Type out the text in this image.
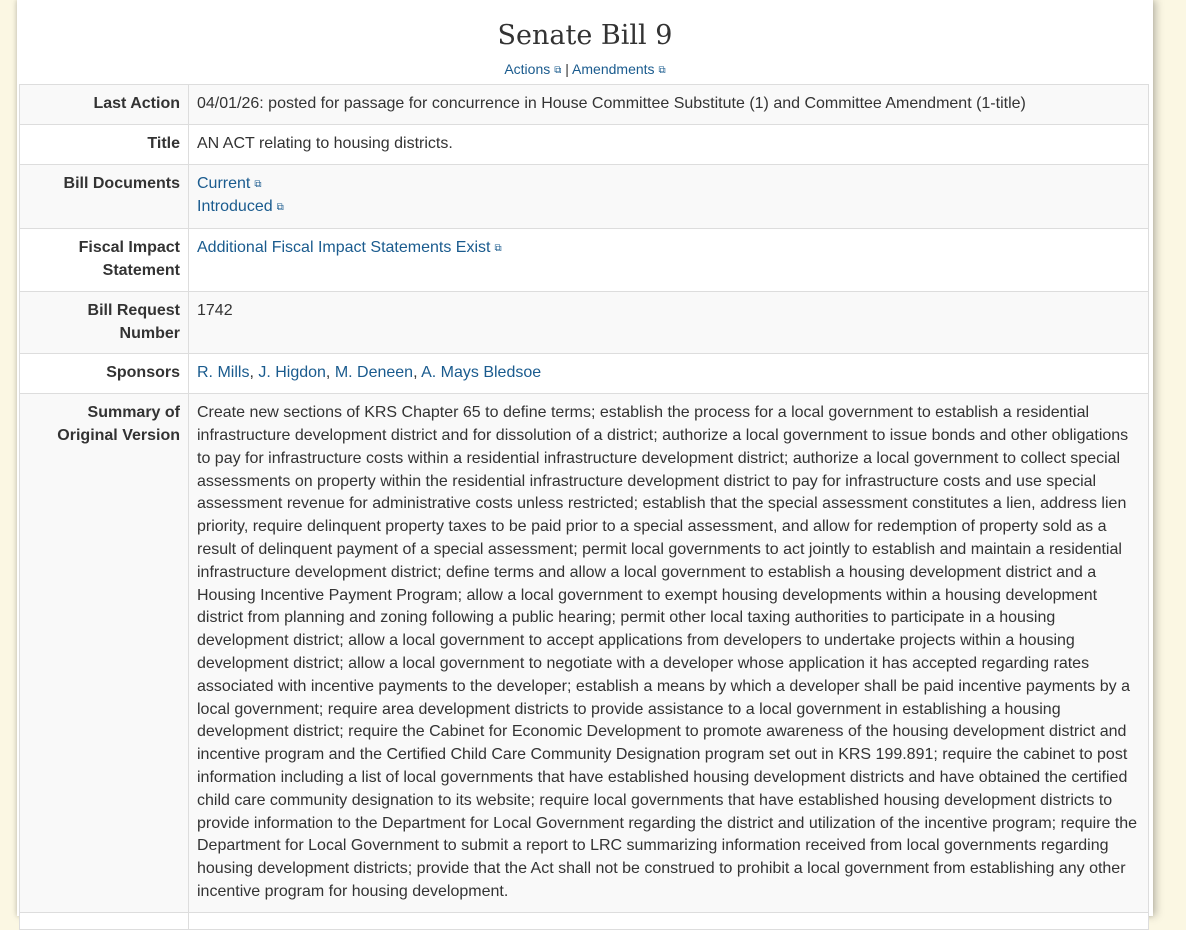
Senate Bill 9
Actions ⧉ | Amendments ⧉
Last Action	04/01/26: posted for passage for concurrence in House Committee Substitute (1) and Committee Amendment (1-title)
Title	AN ACT relating to housing districts.
Bill Documents	Current ⧉
Introduced ⧉

Fiscal Impact Statement	Additional Fiscal Impact Statements Exist ⧉
Bill Request Number	1742
Sponsors	R. Mills, J. Higdon, M. Deneen, A. Mays Bledsoe
Summary of Original Version	Create new sections of KRS Chapter 65 to define terms; establish the process for a local government to establish a residential infrastructure development district and for dissolution of a district; authorize a local government to issue bonds and other obligations to pay for infrastructure costs within a residential infrastructure development district; authorize a local government to collect special assessments on property within the residential infrastructure development district to pay for infrastructure costs and use special assessment revenue for administrative costs unless restricted; establish that the special assessment constitutes a lien, address lien priority, require delinquent property taxes to be paid prior to a special assessment, and allow for redemption of property sold as a result of delinquent payment of a special assessment; permit local governments to act jointly to establish and maintain a residential infrastructure development district; define terms and allow a local government to establish a housing development district and a Housing Incentive Payment Program; allow a local government to exempt housing developments within a housing development district from planning and zoning following a public hearing; permit other local taxing authorities to participate in a housing development district; allow a local government to accept applications from developers to undertake projects within a housing development district; allow a local government to negotiate with a developer whose application it has accepted regarding rates associated with incentive payments to the developer; establish a means by which a developer shall be paid incentive payments by a local government; require area development districts to provide assistance to a local government in establishing a housing development district; require the Cabinet for Economic Development to promote awareness of the housing development district and incentive program and the Certified Child Care Community Designation program set out in KRS 199.891; require the cabinet to post information including a list of local governments that have established housing development districts and have obtained the certified child care community designation to its website; require local governments that have established housing development districts to provide information to the Department for Local Government regarding the district and utilization of the incentive program; require the Department for Local Government to submit a report to LRC summarizing information received from local governments regarding housing development districts; provide that the Act shall not be construed to prohibit a local government from establishing any other incentive program for housing development.
